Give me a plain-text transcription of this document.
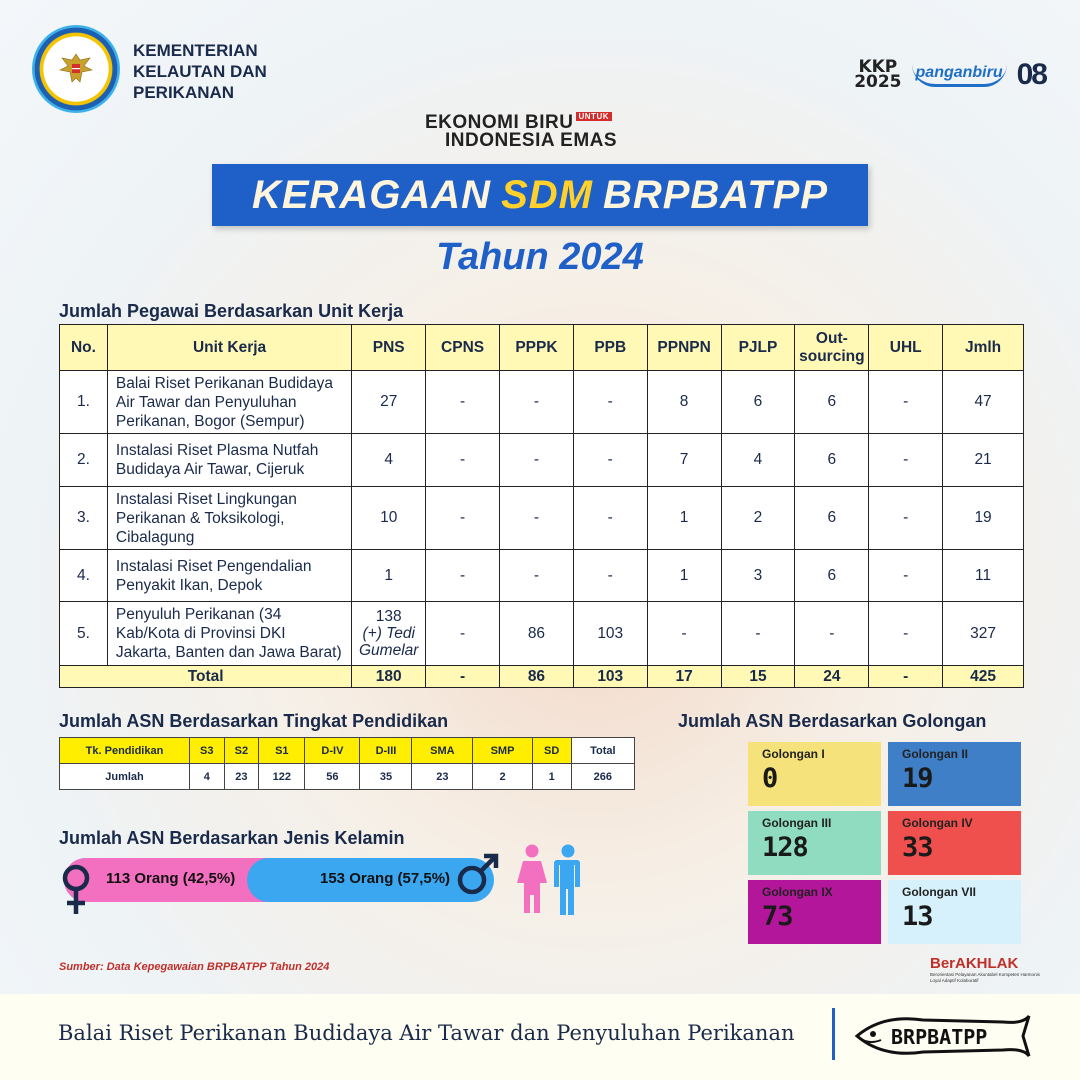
KEMENTERIAN
KELAUTAN DAN
PERIKANAN
KKP
2025 panganbiru 08
EKONOMI BIRU UNTUK
INDONESIA EMAS
KERAGAAN SDM BRPBATPP
Tahun 2024
Jumlah Pegawai Berdasarkan Unit Kerja
No.	Unit Kerja	PNS	CPNS	PPPK	PPB	PPNPN	PJLP	Out-sourcing	UHL	Jmlh
1.	Balai Riset Perikanan Budidaya Air Tawar dan Penyuluhan Perikanan, Bogor (Sempur)	27	-	-	-	8	6	6	-	47
2.	Instalasi Riset Plasma Nutfah Budidaya Air Tawar, Cijeruk	4	-	-	-	7	4	6	-	21
3.	Instalasi Riset Lingkungan Perikanan & Toksikologi, Cibalagung	10	-	-	-	1	2	6	-	19
4.	Instalasi Riset Pengendalian Penyakit Ikan, Depok	1	-	-	-	1	3	6	-	11
5.	Penyuluh Perikanan (34 Kab/Kota di Provinsi DKI Jakarta, Banten dan Jawa Barat)	138
(+) Tedi Gumelar	-	86	103	-	-	-	-	327
Total		180	-	86	103	17	15	24	-	425
Jumlah ASN Berdasarkan Tingkat Pendidikan
Tk. Pendidikan	S3	S2	S1	D-IV	D-III	SMA	SMP	SD	Total
Jumlah	4	23	122	56	35	23	2	1	266
Jumlah ASN Berdasarkan Jenis Kelamin
113 Orang (42,5%)	153 Orang (57,5%)
Jumlah ASN Berdasarkan Golongan
Golongan I
0
Golongan II
19
Golongan III
128
Golongan IV
33
Golongan IX
73
Golongan VII
13
Sumber: Data Kepegawaian BRPBATPP Tahun 2024	BerAKHLAK
Berorientasi Pelayanan Akuntabel Kompeten Harmonis Loyal Adaptif Kolaboratif
Balai Riset Perikanan Budidaya Air Tawar dan Penyuluhan Perikanan	BRPBATPP
